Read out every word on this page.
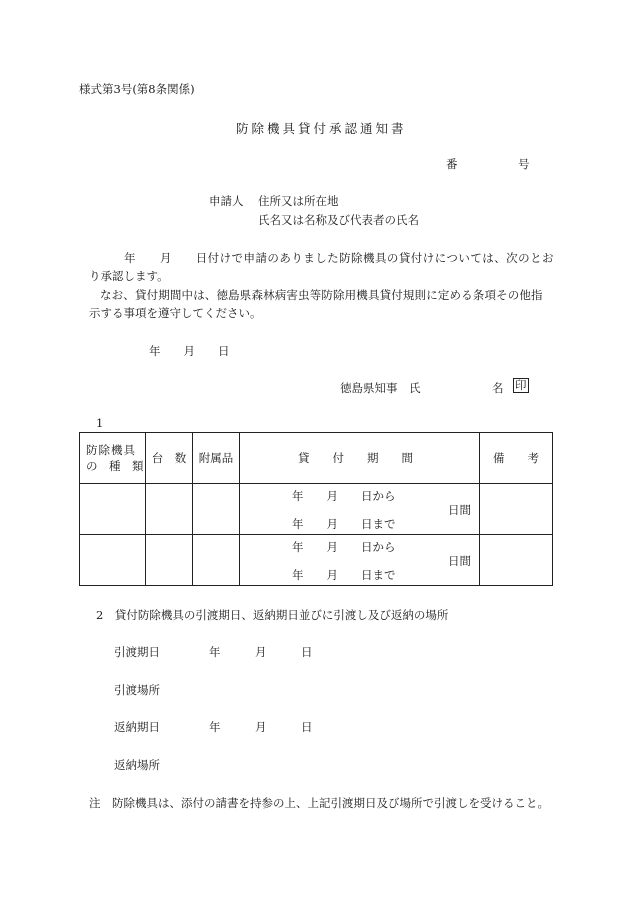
様式第3号(第8条関係)
防除機具貸付承認通知書
番	号
申請人 住所又は所在地
氏名又は名称及び代表者の氏名
年　　月　　日付けで申請のありました防除機具の貸付けについては、次のとお
り承認します。
なお、貸付期間中は、徳島県森林病害虫等防除用機具貸付規則に定める条項その他指
示する事項を遵守してください。
年　　月　　日
徳島県知事　氏	名 印
1
防除機具
の　種　類	台　数	附属品	貸　　付　　期　　間	備　　考

			年　　月　　日から
日間
年　　月　　日まで	

			年　　月　　日から
日間
年　　月　　日まで	

2　貸付防除機具の引渡期日、返納期日並びに引渡し及び返納の場所
引渡期日	年　　　月　　　日
引渡場所
返納期日	年　　　月　　　日
返納場所
注　防除機具は、添付の請書を持参の上、上記引渡期日及び場所で引渡しを受けること。
